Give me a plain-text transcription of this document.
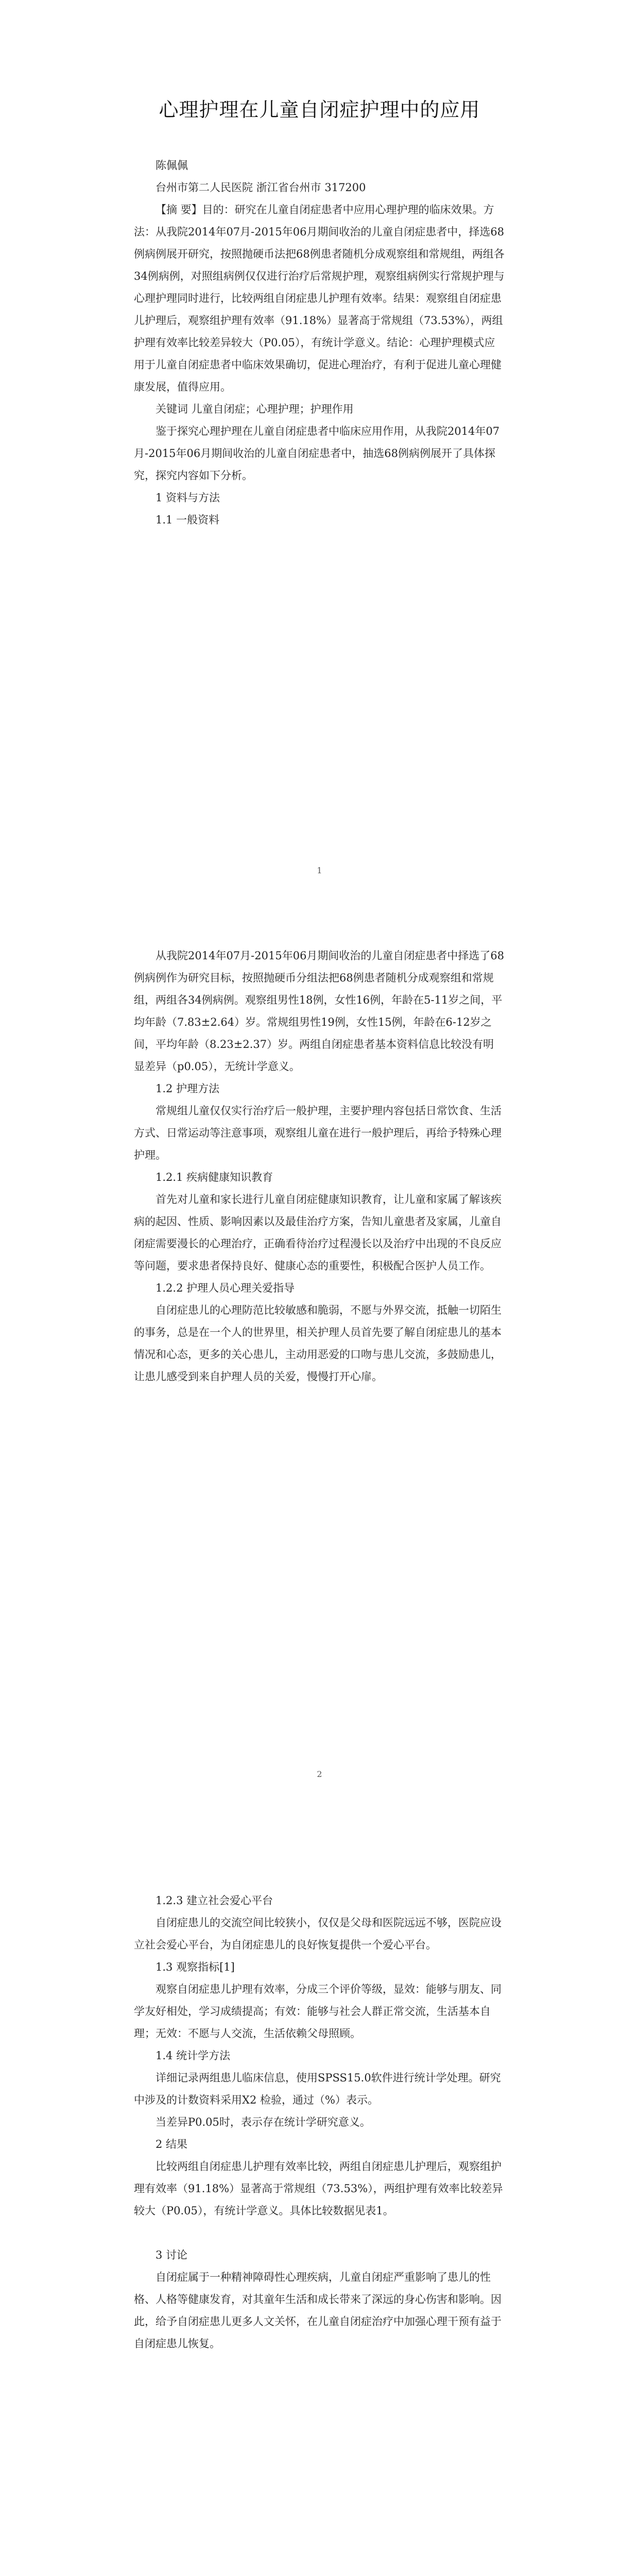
心理护理在儿童自闭症护理中的应用

陈佩佩

台州市第二人民医院 浙江省台州市 317200

【摘 要】目的：研究在儿童自闭症患者中应用心理护理的临床效果。方法：从我院2014年07月-2015年06月期间收治的儿童自闭症患者中，择选68例病例展开研究，按照抛硬币法把68例患者随机分成观察组和常规组，两组各34例病例，对照组病例仅仅进行治疗后常规护理，观察组病例实行常规护理与心理护理同时进行，比较两组自闭症患儿护理有效率。结果：观察组自闭症患儿护理后，观察组护理有效率（91.18%）显著高于常规组（73.53%），两组护理有效率比较差异较大（P0.05），有统计学意义。结论：心理护理模式应用于儿童自闭症患者中临床效果确切，促进心理治疗，有利于促进儿童心理健康发展，值得应用。

关键词 儿童自闭症；心理护理；护理作用

鉴于探究心理护理在儿童自闭症患者中临床应用作用，从我院2014年07月-2015年06月期间收治的儿童自闭症患者中，抽选68例病例展开了具体探究，探究内容如下分析。

1 资料与方法

1.1 一般资料

1

从我院2014年07月-2015年06月期间收治的儿童自闭症患者中择选了68例病例作为研究目标，按照抛硬币分组法把68例患者随机分成观察组和常规组，两组各34例病例。观察组男性18例，女性16例，年龄在5-11岁之间，平均年龄（7.83±2.64）岁。常规组男性19例，女性15例，年龄在6-12岁之间，平均年龄（8.23±2.37）岁。两组自闭症患者基本资料信息比较没有明显差异（p0.05），无统计学意义。

1.2 护理方法

常规组儿童仅仅实行治疗后一般护理，主要护理内容包括日常饮食、生活方式、日常运动等注意事项，观察组儿童在进行一般护理后，再给予特殊心理护理。

1.2.1 疾病健康知识教育

首先对儿童和家长进行儿童自闭症健康知识教育，让儿童和家属了解该疾病的起因、性质、影响因素以及最佳治疗方案，告知儿童患者及家属，儿童自闭症需要漫长的心理治疗，正确看待治疗过程漫长以及治疗中出现的不良反应等问题，要求患者保持良好、健康心态的重要性，积极配合医护人员工作。

1.2.2 护理人员心理关爱指导

自闭症患儿的心理防范比较敏感和脆弱，不愿与外界交流，抵触一切陌生的事务，总是在一个人的世界里，相关护理人员首先要了解自闭症患儿的基本情况和心态，更多的关心患儿，主动用恶爱的口吻与患儿交流，多鼓励患儿，让患儿感受到来自护理人员的关爱，慢慢打开心扉。

2

1.2.3 建立社会爱心平台

自闭症患儿的交流空间比较狭小，仅仅是父母和医院远远不够，医院应设立社会爱心平台，为自闭症患儿的良好恢复提供一个爱心平台。

1.3 观察指标[1]

观察自闭症患儿护理有效率，分成三个评价等级，显效：能够与朋友、同学友好相处，学习成绩提高；有效：能够与社会人群正常交流，生活基本自理；无效：不愿与人交流，生活依赖父母照顾。

1.4 统计学方法

详细记录两组患儿临床信息，使用SPSS15.0软件进行统计学处理。研究中涉及的计数资料采用X2 检验，通过（%）表示。

当差异P0.05时，表示存在统计学研究意义。

2 结果

比较两组自闭症患儿护理有效率比较，两组自闭症患儿护理后，观察组护理有效率（91.18%）显著高于常规组（73.53%），两组护理有效率比较差异较大（P0.05），有统计学意义。具体比较数据见表1。

3 讨论

自闭症属于一种精神障碍性心理疾病，儿童自闭症严重影响了患儿的性格、人格等健康发育，对其童年生活和成长带来了深远的身心伤害和影响。因此，给予自闭症患儿更多人文关怀，在儿童自闭症治疗中加强心理干预有益于自闭症患儿恢复。
